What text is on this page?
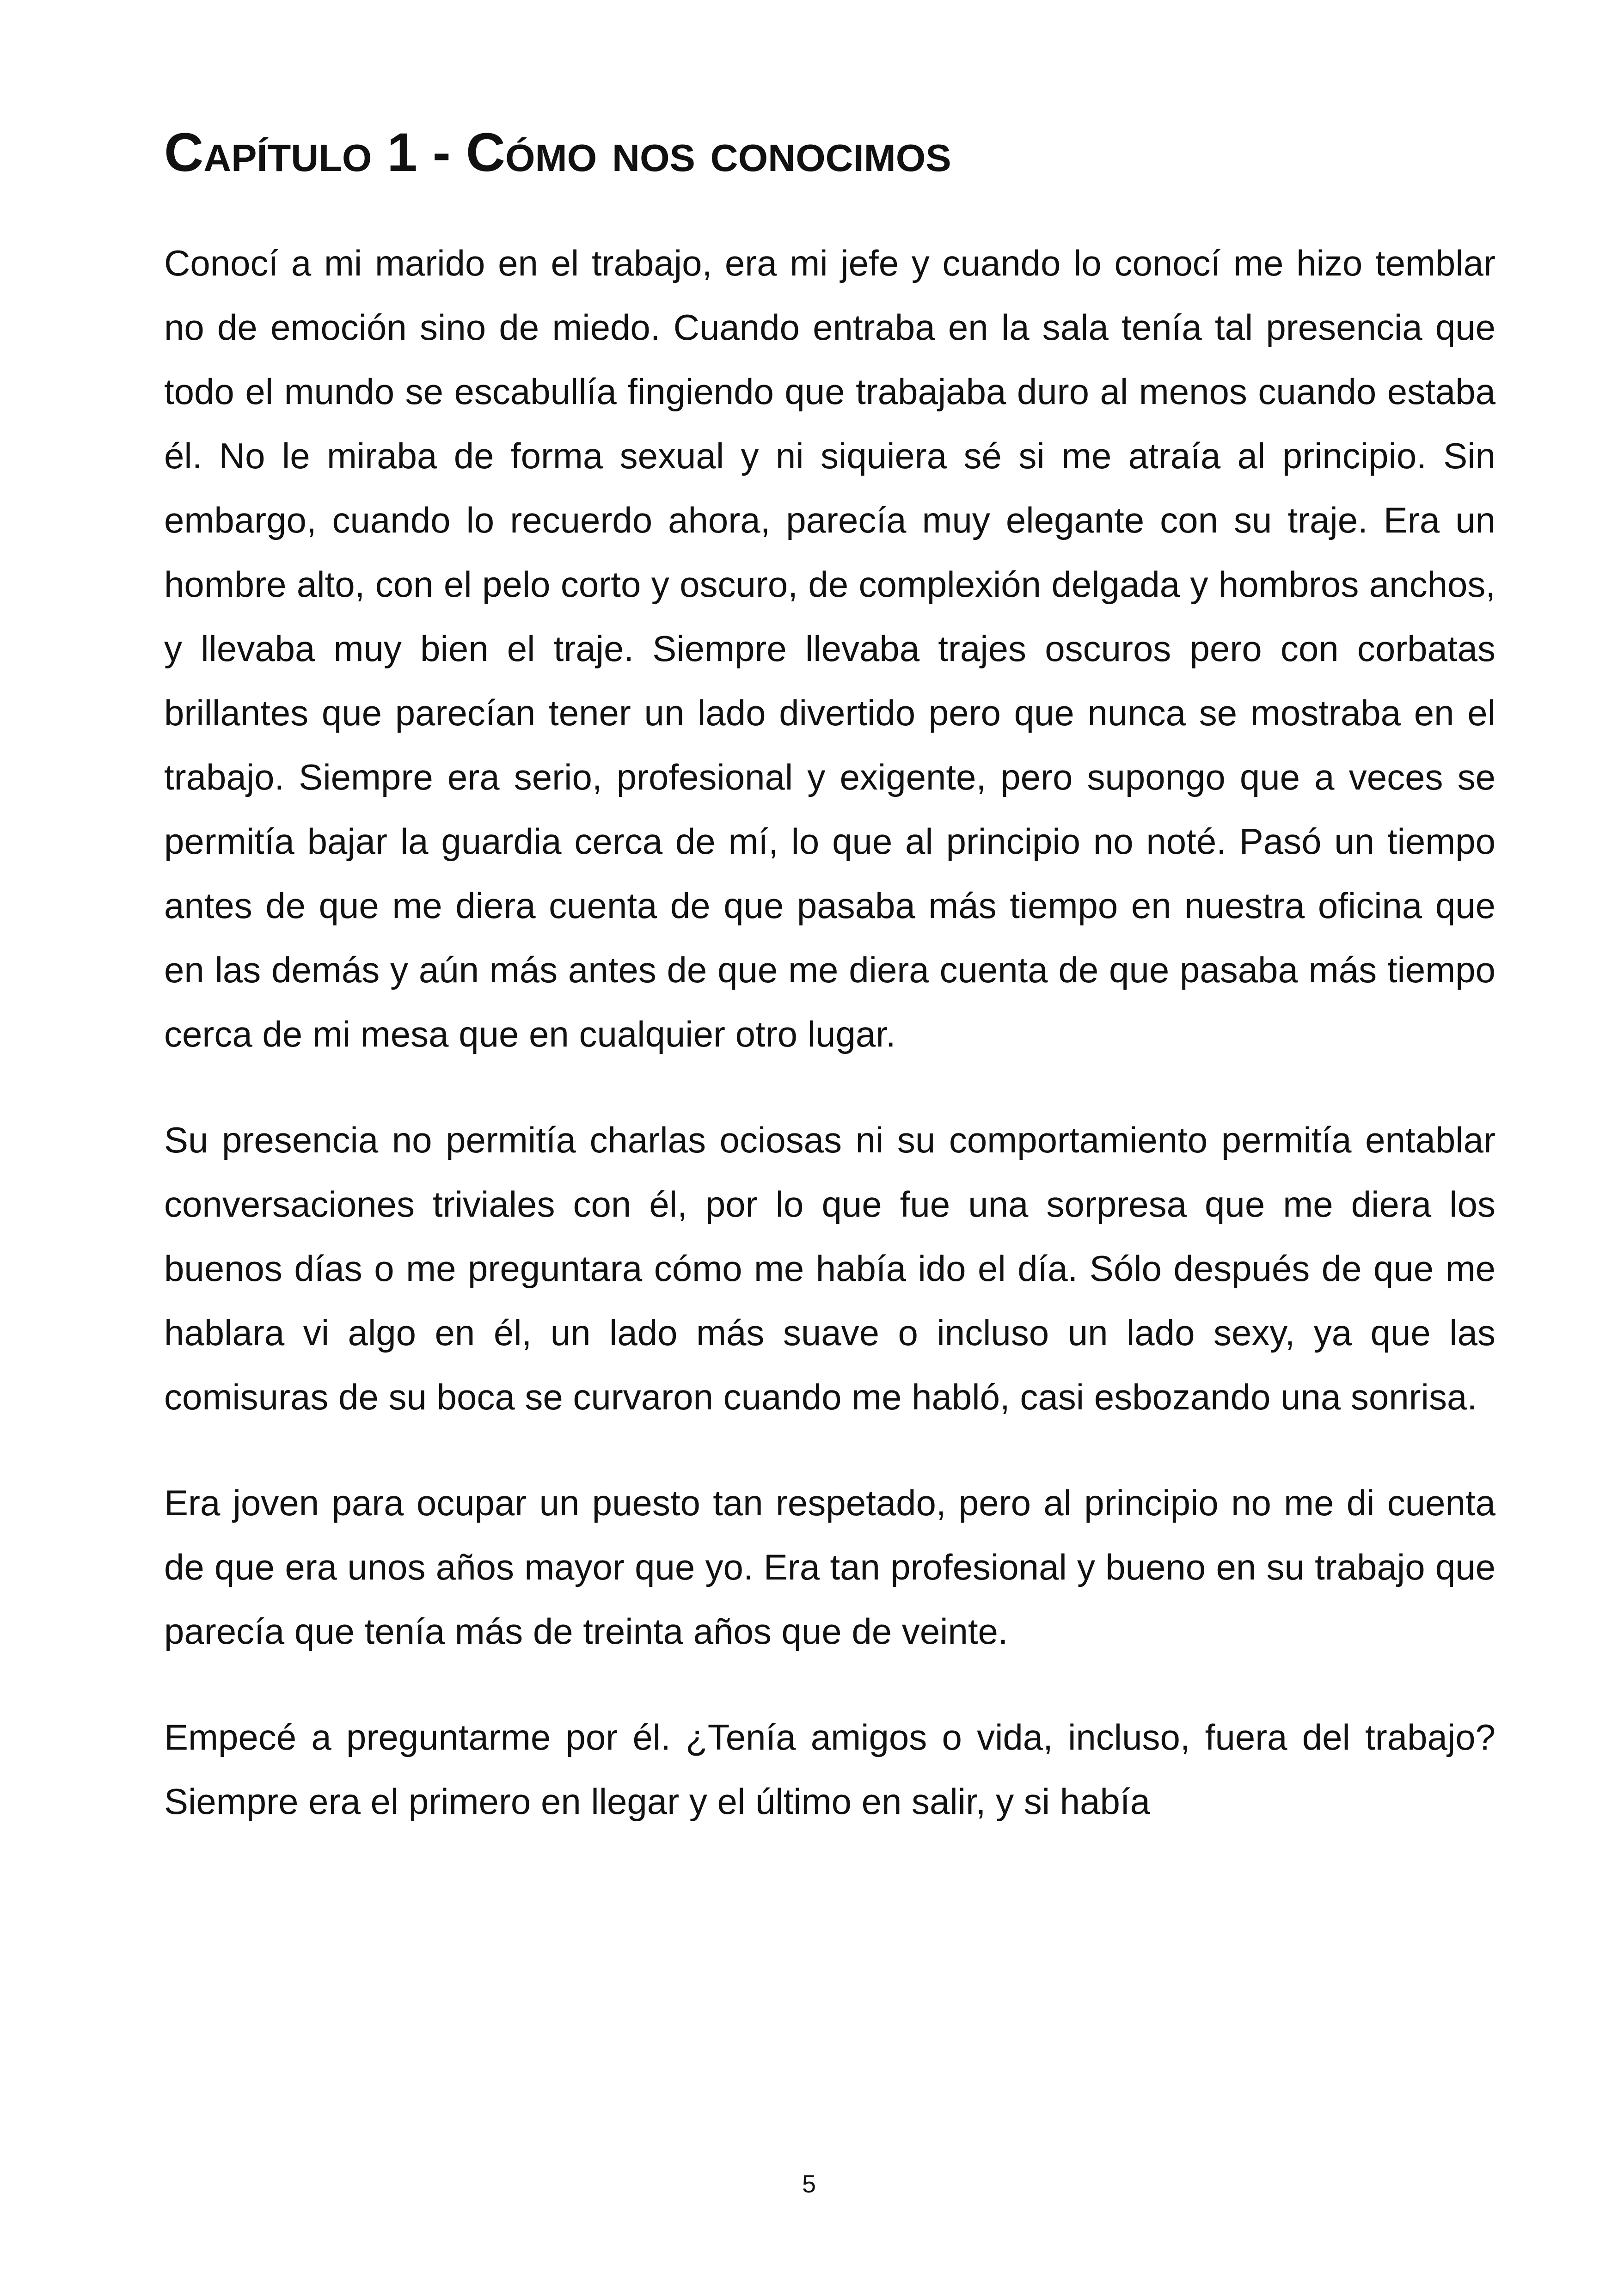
Capítulo 1 - Cómo nos conocimos

Conocí a mi marido en el trabajo, era mi jefe y cuando lo conocí me hizo temblar no de emoción sino de miedo. Cuando entraba en la sala tenía tal presencia que todo el mundo se escabullía fingiendo que trabajaba duro al menos cuando estaba él. No le miraba de forma sexual y ni siquiera sé si me atraía al principio. Sin embargo, cuando lo recuerdo ahora, parecía muy elegante con su traje. Era un hombre alto, con el pelo corto y oscuro, de complexión delgada y hombros anchos, y llevaba muy bien el traje. Siempre llevaba trajes oscuros pero con corbatas brillantes que parecían tener un lado divertido pero que nunca se mostraba en el trabajo. Siempre era serio, profesional y exigente, pero supongo que a veces se permitía bajar la guardia cerca de mí, lo que al principio no noté. Pasó un tiempo antes de que me diera cuenta de que pasaba más tiempo en nuestra oficina que en las demás y aún más antes de que me diera cuenta de que pasaba más tiempo cerca de mi mesa que en cualquier otro lugar.

Su presencia no permitía charlas ociosas ni su comportamiento permitía entablar conversaciones triviales con él, por lo que fue una sorpresa que me diera los buenos días o me preguntara cómo me había ido el día. Sólo después de que me hablara vi algo en él, un lado más suave o incluso un lado sexy, ya que las comisuras de su boca se curvaron cuando me habló, casi esbozando una sonrisa.

Era joven para ocupar un puesto tan respetado, pero al principio no me di cuenta de que era unos años mayor que yo. Era tan profesional y bueno en su trabajo que parecía que tenía más de treinta años que de veinte.

Empecé a preguntarme por él. ¿Tenía amigos o vida, incluso, fuera del trabajo? Siempre era el primero en llegar y el último en salir, y si había

5
